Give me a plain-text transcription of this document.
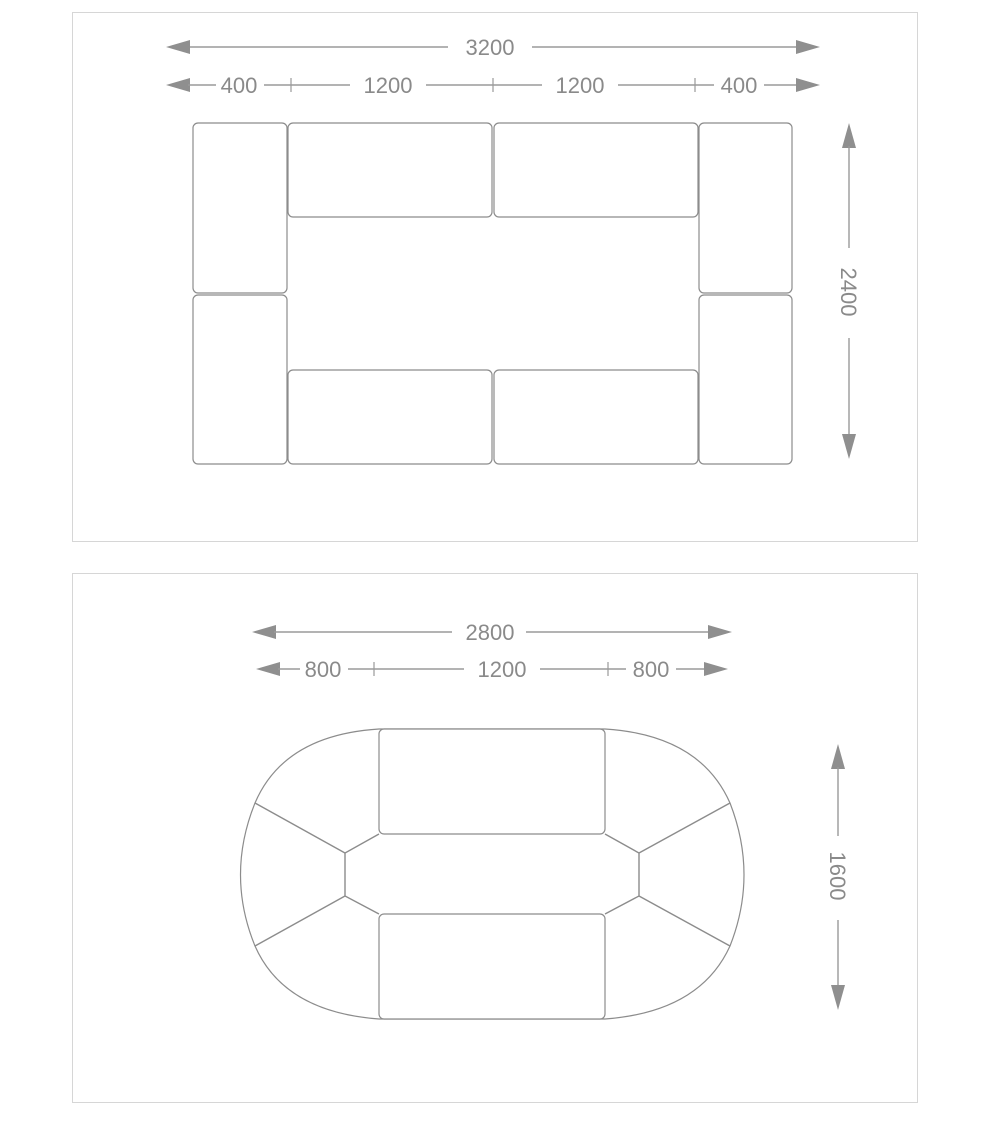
3200
400	1200	1200	400
2400
2800
800	1200	800
1600
